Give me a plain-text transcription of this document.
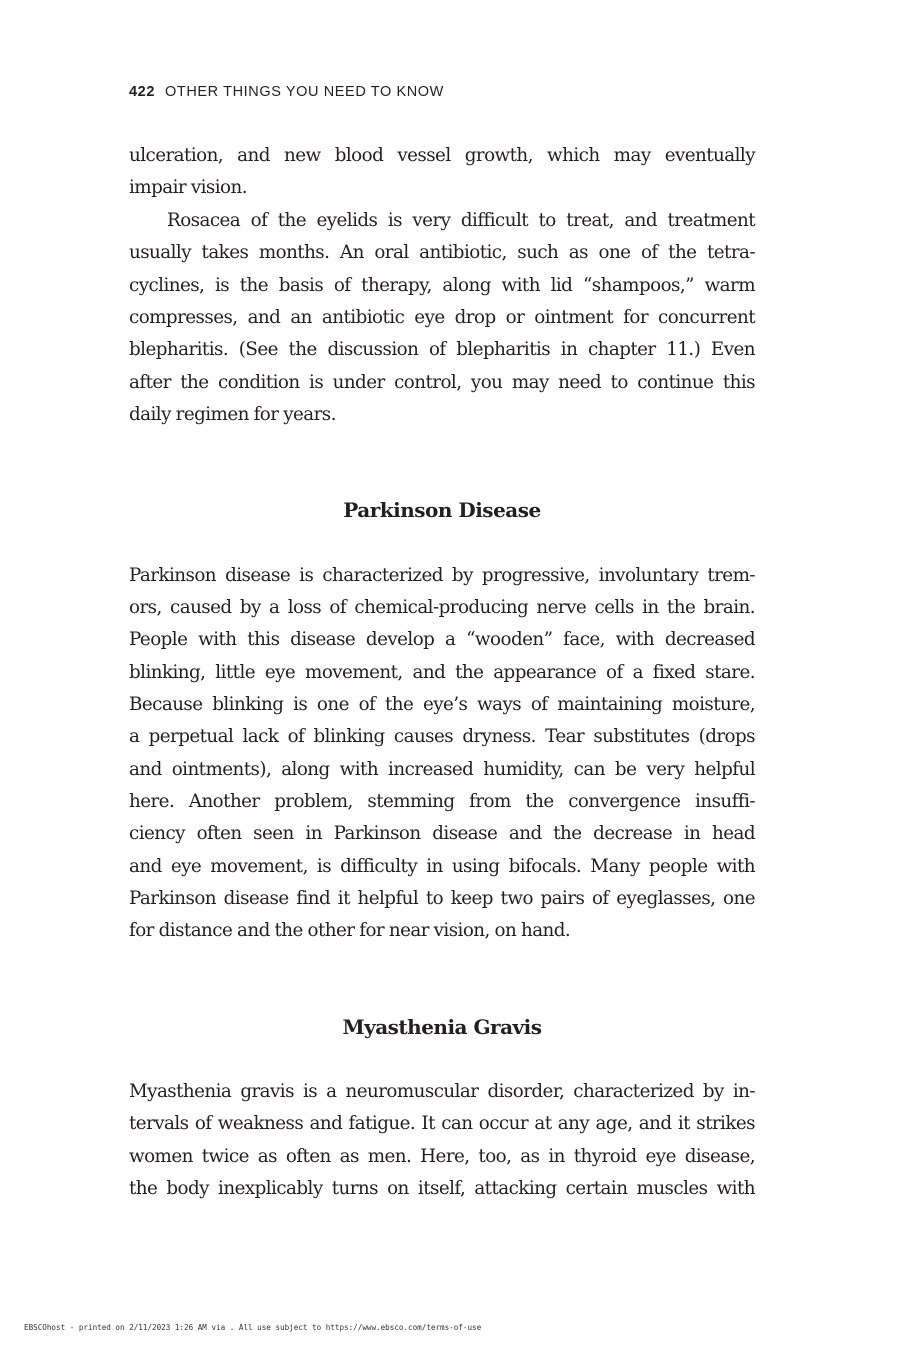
422 OTHER THINGS YOU NEED TO KNOW
ulceration, and new blood vessel growth, which may eventually
impair vision.
Rosacea of the eyelids is very difficult to treat, and treatment
usually takes months. An oral antibiotic, such as one of the tetra-
cyclines, is the basis of therapy, along with lid “shampoos,” warm
compresses, and an antibiotic eye drop or ointment for concurrent
blepharitis. (See the discussion of blepharitis in chapter 11.) Even
after the condition is under control, you may need to continue this
daily regimen for years.
Parkinson Disease
Parkinson disease is characterized by progressive, involuntary trem-
ors, caused by a loss of chemical-producing nerve cells in the brain.
People with this disease develop a “wooden” face, with decreased
blinking, little eye movement, and the appearance of a fixed stare.
Because blinking is one of the eye’s ways of maintaining moisture,
a perpetual lack of blinking causes dryness. Tear substitutes (drops
and ointments), along with increased humidity, can be very helpful
here. Another problem, stemming from the convergence insuffi-
ciency often seen in Parkinson disease and the decrease in head
and eye movement, is difficulty in using bifocals. Many people with
Parkinson disease find it helpful to keep two pairs of eyeglasses, one
for distance and the other for near vision, on hand.
Myasthenia Gravis
Myasthenia gravis is a neuromuscular disorder, characterized by in-
tervals of weakness and fatigue. It can occur at any age, and it strikes
women twice as often as men. Here, too, as in thyroid eye disease,
the body inexplicably turns on itself, attacking certain muscles with
EBSCOhost - printed on 2/11/2023 1:26 AM via . All use subject to https://www.ebsco.com/terms-of-use
